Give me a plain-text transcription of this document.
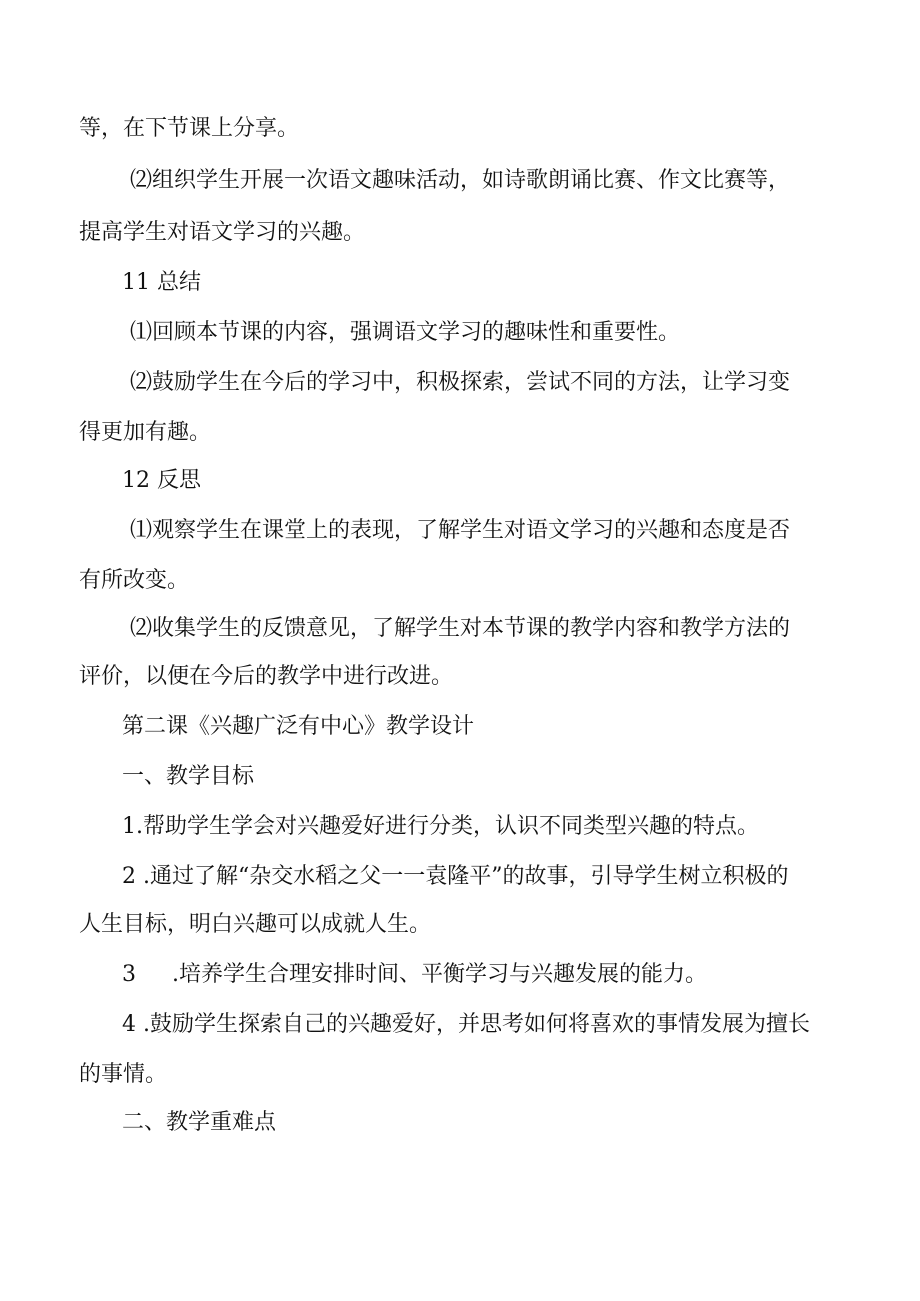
等，在下节课上分享。
⑵组织学生开展一次语文趣味活动，如诗歌朗诵比赛、作文比赛等，
提高学生对语文学习的兴趣。
11 总结
⑴回顾本节课的内容，强调语文学习的趣味性和重要性。
⑵鼓励学生在今后的学习中，积极探索，尝试不同的方法，让学习变
得更加有趣。
12 反思
⑴观察学生在课堂上的表现，了解学生对语文学习的兴趣和态度是否
有所改变。
⑵收集学生的反馈意见，了解学生对本节课的教学内容和教学方法的
评价，以便在今后的教学中进行改进。
第二课《兴趣广泛有中心》教学设计
一、教学目标
1.帮助学生学会对兴趣爱好进行分类，认识不同类型兴趣的特点。
2 .通过了解“杂交水稻之父一一袁隆平”的故事，引导学生树立积极的
人生目标，明白兴趣可以成就人生。
3 .培养学生合理安排时间、平衡学习与兴趣发展的能力。
4 .鼓励学生探索自己的兴趣爱好，并思考如何将喜欢的事情发展为擅长
的事情。
二、教学重难点
